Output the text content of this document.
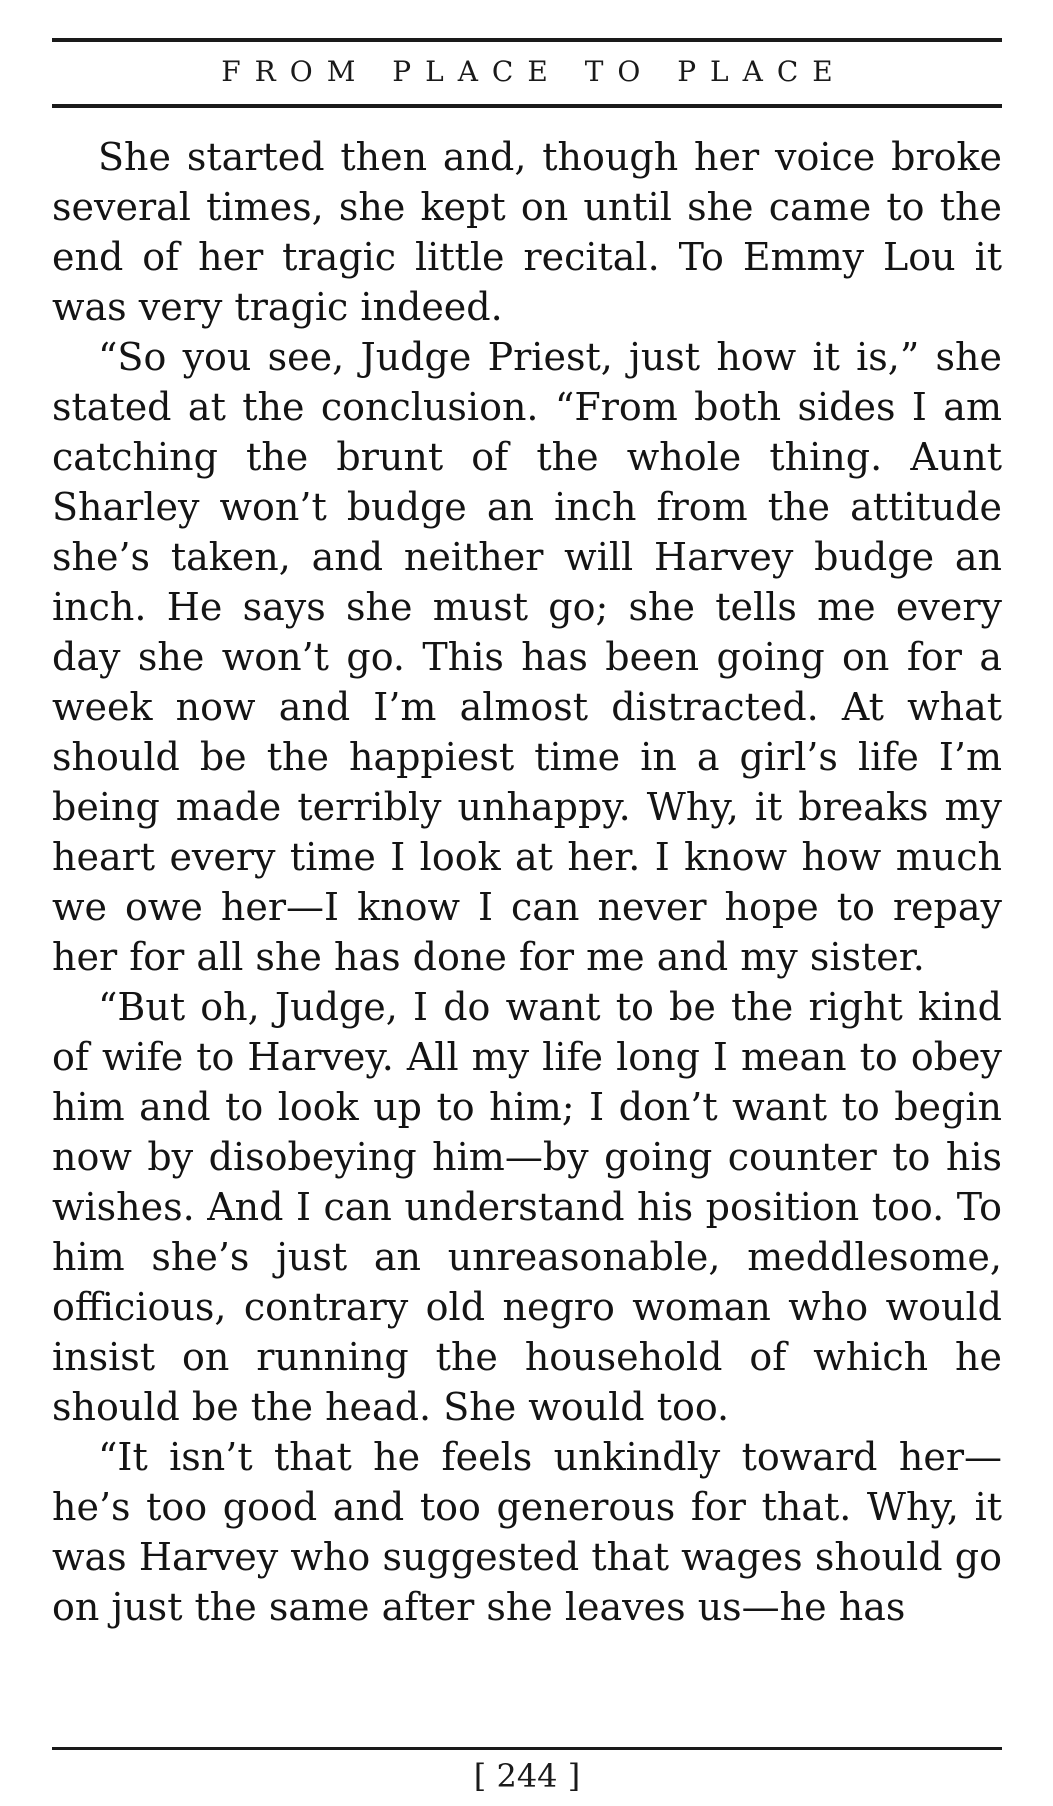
FROM PLACE TO PLACE

She started then and, though her voice broke several times, she kept on until she came to the end of her tragic little recital. To Emmy Lou it was very tragic indeed.

“So you see, Judge Priest, just how it is,” she stated at the conclusion. “From both sides I am catching the brunt of the whole thing. Aunt Sharley won’t budge an inch from the attitude she’s taken, and neither will Harvey budge an inch. He says she must go; she tells me every day she won’t go. This has been going on for a week now and I’m almost distracted. At what should be the happiest time in a girl’s life I’m being made terribly unhappy. Why, it breaks my heart every time I look at her. I know how much we owe her—I know I can never hope to repay her for all she has done for me and my sister.

“But oh, Judge, I do want to be the right kind of wife to Harvey. All my life long I mean to obey him and to look up to him; I don’t want to begin now by disobeying him—by going counter to his wishes. And I can understand his position too. To him she’s just an unreasonable, meddlesome, officious, contrary old negro woman who would insist on running the household of which he should be the head. She would too.

“It isn’t that he feels unkindly toward her—he’s too good and too generous for that. Why, it was Harvey who suggested that wages should go on just the same after she leaves us—he has

[ 244 ]
